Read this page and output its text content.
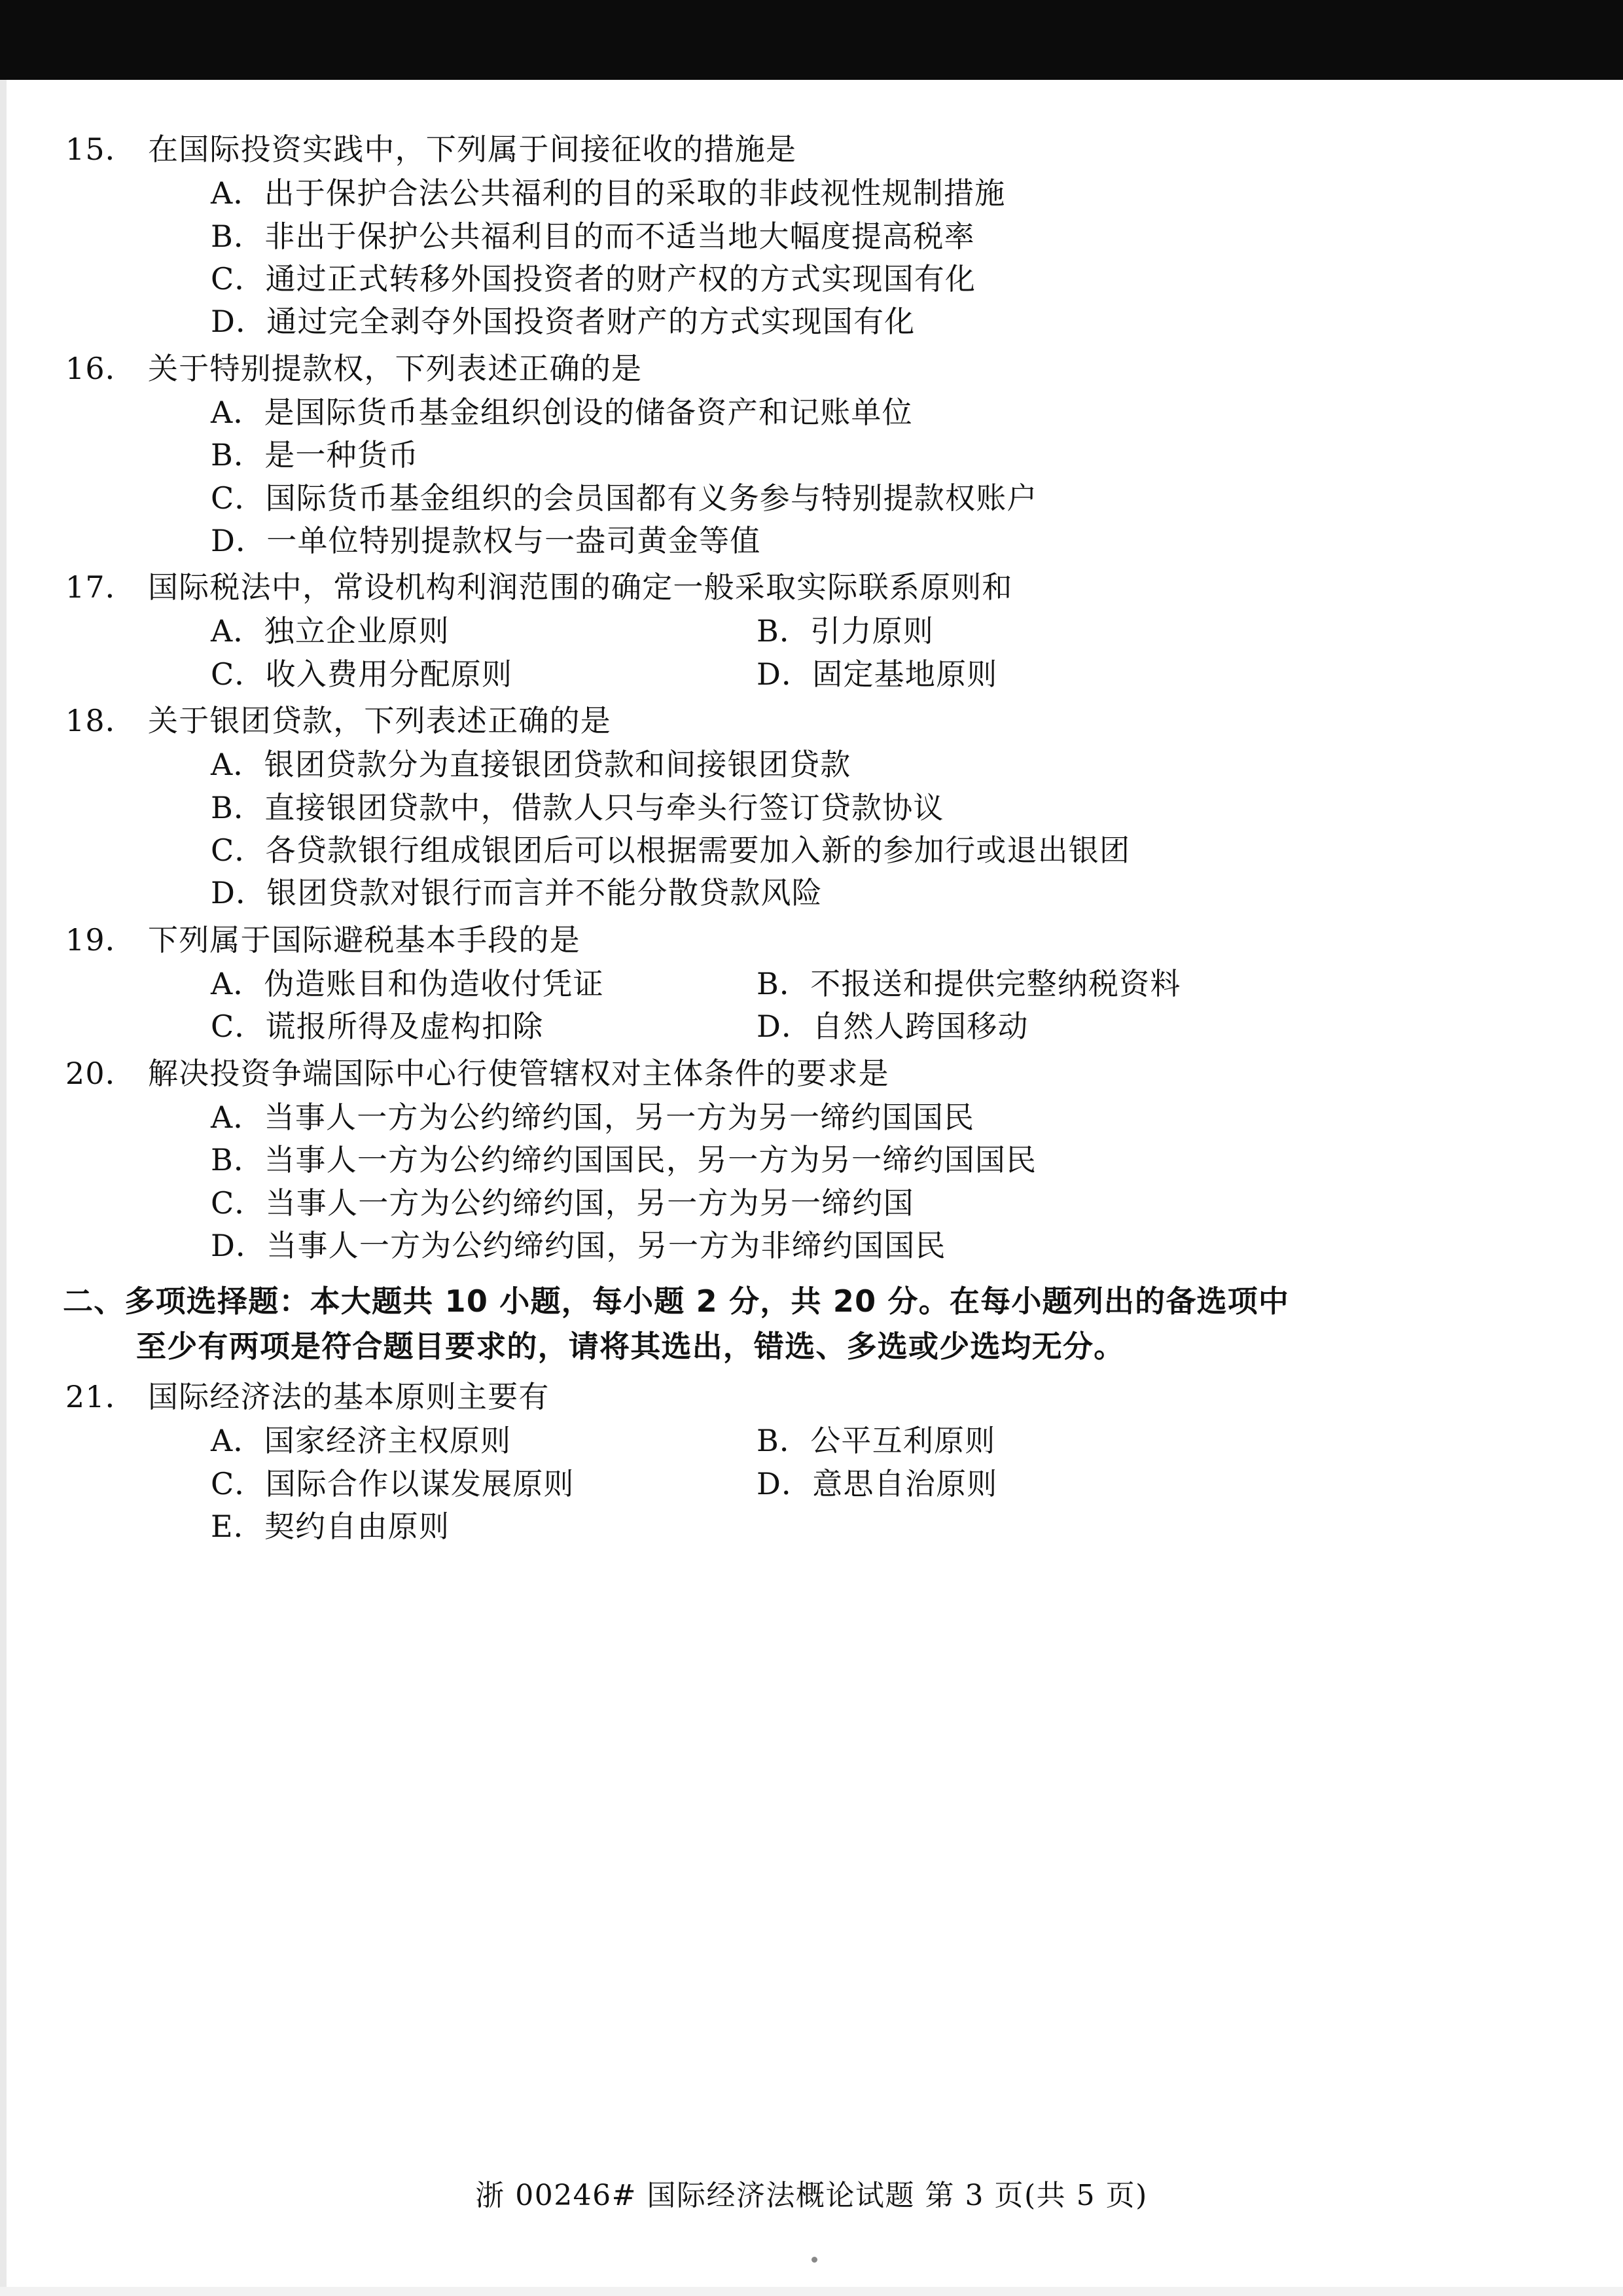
15． 在国际投资实践中，下列属于间接征收的措施是
A．出于保护合法公共福利的目的采取的非歧视性规制措施
B．非出于保护公共福利目的而不适当地大幅度提高税率
C．通过正式转移外国投资者的财产权的方式实现国有化
D．通过完全剥夺外国投资者财产的方式实现国有化
16． 关于特别提款权，下列表述正确的是
A．是国际货币基金组织创设的储备资产和记账单位
B．是一种货币
C．国际货币基金组织的会员国都有义务参与特别提款权账户
D．一单位特别提款权与一盎司黄金等值
17． 国际税法中，常设机构利润范围的确定一般采取实际联系原则和
A．独立企业原则	B．引力原则
C．收入费用分配原则	D．固定基地原则
18． 关于银团贷款，下列表述正确的是
A．银团贷款分为直接银团贷款和间接银团贷款
B．直接银团贷款中，借款人只与牵头行签订贷款协议
C．各贷款银行组成银团后可以根据需要加入新的参加行或退出银团
D．银团贷款对银行而言并不能分散贷款风险
19． 下列属于国际避税基本手段的是
A．伪造账目和伪造收付凭证	B．不报送和提供完整纳税资料
C．谎报所得及虚构扣除	D．自然人跨国移动
20． 解决投资争端国际中心行使管辖权对主体条件的要求是
A．当事人一方为公约缔约国，另一方为另一缔约国国民
B．当事人一方为公约缔约国国民，另一方为另一缔约国国民
C．当事人一方为公约缔约国，另一方为另一缔约国
D．当事人一方为公约缔约国，另一方为非缔约国国民
二、多项选择题：本大题共 10 小题，每小题 2 分，共 20 分。在每小题列出的备选项中
至少有两项是符合题目要求的，请将其选出，错选、多选或少选均无分。
21． 国际经济法的基本原则主要有
A．国家经济主权原则	B．公平互利原则
C．国际合作以谋发展原则	D．意思自治原则
E．契约自由原则
浙 00246# 国际经济法概论试题 第 3 页(共 5 页)
